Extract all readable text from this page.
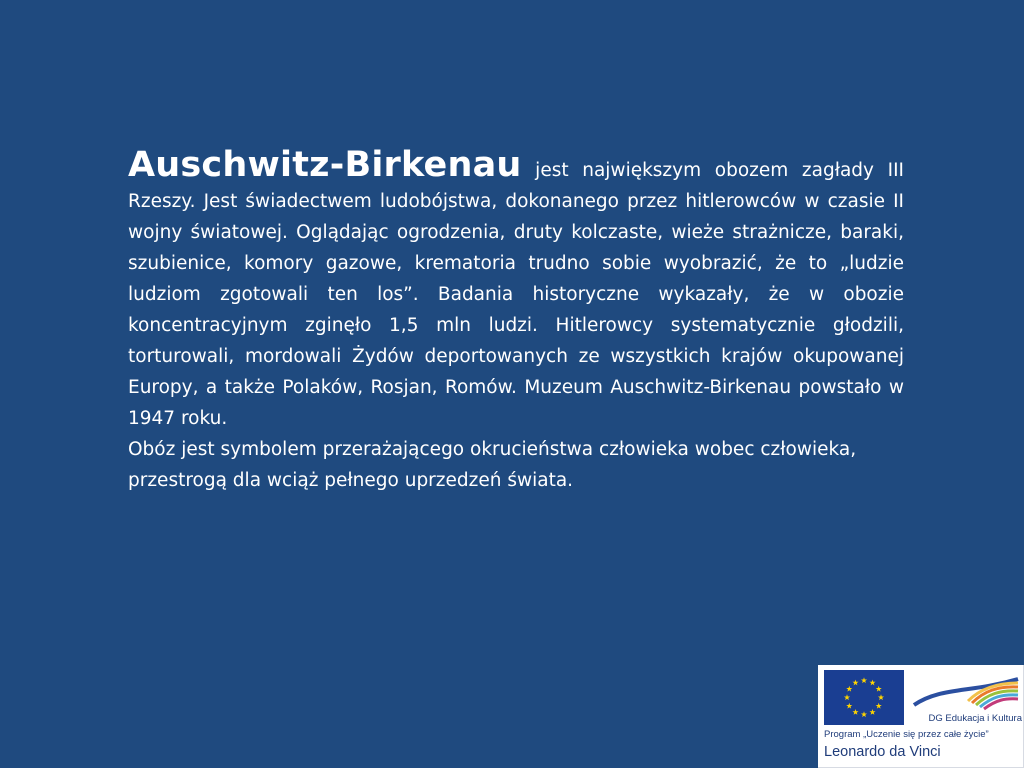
Auschwitz-Birkenau jest największym obozem zagłady III Rzeszy. Jest świadectwem ludobójstwa, dokonanego przez hitlerowców w czasie II wojny światowej. Oglądając ogrodzenia, druty kolczaste, wieże strażnicze, baraki, szubienice, komory gazowe, krematoria trudno sobie wyobrazić, że to „ludzie ludziom zgotowali ten los”. Badania historyczne wykazały, że w obozie koncentracyjnym zginęło 1,5 mln ludzi. Hitlerowcy systematycznie głodzili, torturowali, mordowali Żydów deportowanych ze wszystkich krajów okupowanej Europy, a także Polaków, Rosjan, Romów. Muzeum Auschwitz-Birkenau powstało w 1947 roku.

Obóz jest symbolem przerażającego okrucieństwa człowieka wobec człowieka, przestrogą dla wciąż pełnego uprzedzeń świata.

DG Edukacja i Kultura
Program „Uczenie się przez całe życie”
Leonardo da Vinci
